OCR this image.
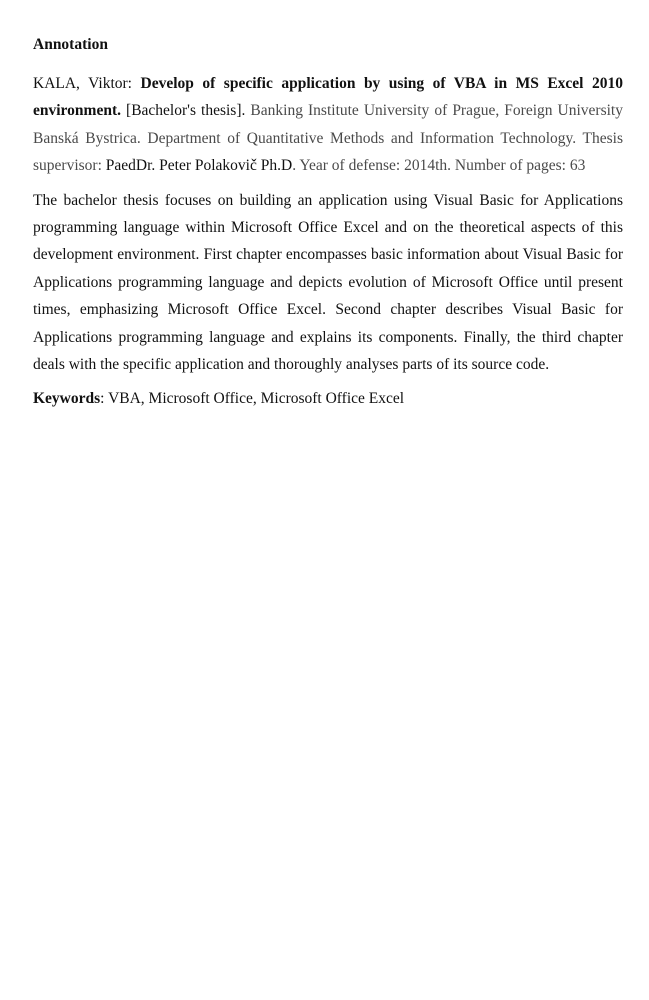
Annotation

KALA, Viktor: Develop of specific application by using of VBA in MS Excel 2010 environment. [Bachelor's thesis]. Banking Institute University of Prague, Foreign University Banská Bystrica. Department of Quantitative Methods and Information Technology. Thesis supervisor: PaedDr. Peter Polakovič Ph.D. Year of defense: 2014th. Number of pages: 63

The bachelor thesis focuses on building an application using Visual Basic for Applications programming language within Microsoft Office Excel and on the theoretical aspects of this development environment. First chapter encompasses basic information about Visual Basic for Applications programming language and depicts evolution of Microsoft Office until present times, emphasizing Microsoft Office Excel. Second chapter describes Visual Basic for Applications programming language and explains its components. Finally, the third chapter deals with the specific application and thoroughly analyses parts of its source code.

Keywords: VBA, Microsoft Office, Microsoft Office Excel
